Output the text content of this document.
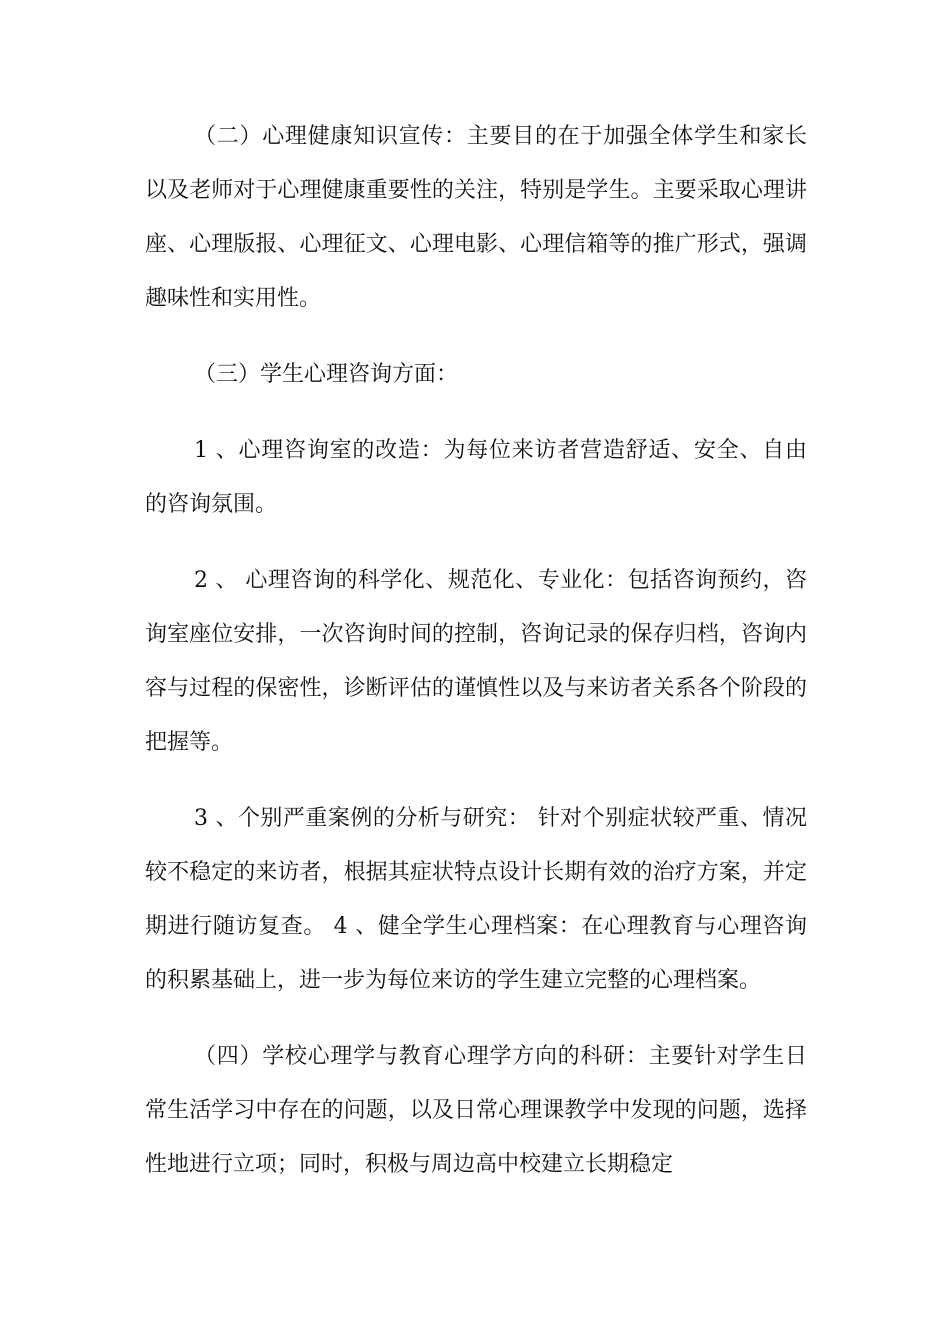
（二）心理健康知识宣传：主要目的在于加强全体学生和家长以及老师对于心理健康重要性的关注，特别是学生。主要采取心理讲座、心理版报、心理征文、心理电影、心理信箱等的推广形式，强调趣味性和实用性。

（三）学生心理咨询方面：

1 、心理咨询室的改造：为每位来访者营造舒适、安全、自由的咨询氛围。

2 、 心理咨询的科学化、规范化、专业化：包括咨询预约，咨询室座位安排，一次咨询时间的控制，咨询记录的保存归档，咨询内容与过程的保密性，诊断评估的谨慎性以及与来访者关系各个阶段的把握等。

3 、个别严重案例的分析与研究： 针对个别症状较严重、情况较不稳定的来访者，根据其症状特点设计长期有效的治疗方案，并定期进行随访复查。 4 、健全学生心理档案：在心理教育与心理咨询的积累基础上，进一步为每位来访的学生建立完整的心理档案。

（四）学校心理学与教育心理学方向的科研：主要针对学生日常生活学习中存在的问题，以及日常心理课教学中发现的问题，选择性地进行立项；同时，积极与周边高中校建立长期稳定
